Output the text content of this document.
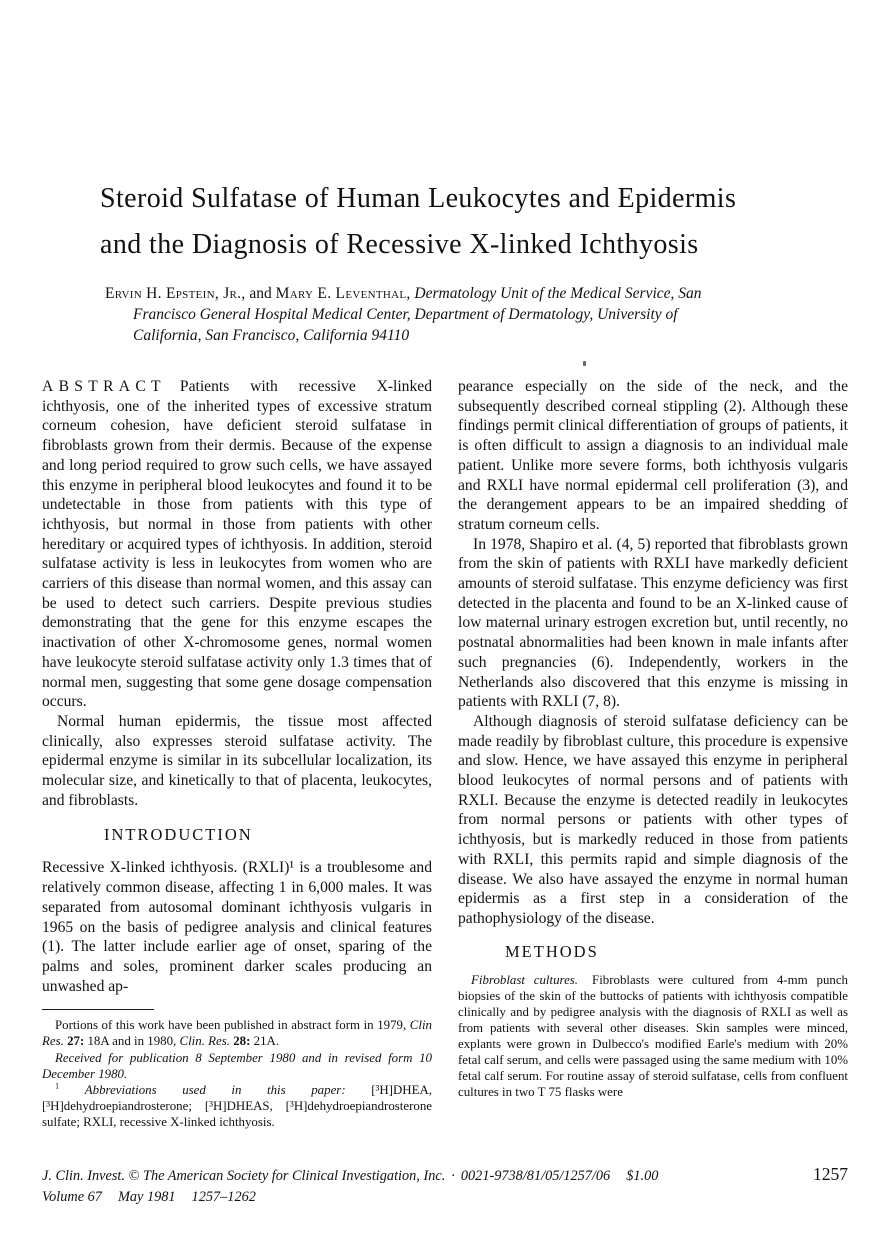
Steroid Sulfatase of Human Leukocytes and Epidermis
and the Diagnosis of Recessive X-linked Ichthyosis
Ervin H. Epstein, Jr., and Mary E. Leventhal, Dermatology Unit of the Medical Service, San Francisco General Hospital Medical Center, Department of Dermatology, University of California, San Francisco, California 94110

ABSTRACT Patients with recessive X-linked ichthyosis, one of the inherited types of excessive stratum corneum cohesion, have deficient steroid sulfatase in fibroblasts grown from their dermis. Because of the expense and long period required to grow such cells, we have assayed this enzyme in peripheral blood leukocytes and found it to be undetectable in those from patients with this type of ichthyosis, but normal in those from patients with other hereditary or acquired types of ichthyosis. In addition, steroid sulfatase activity is less in leukocytes from women who are carriers of this disease than normal women, and this assay can be used to detect such carriers. Despite previous studies demonstrating that the gene for this enzyme escapes the inactivation of other X-chromosome genes, normal women have leukocyte steroid sulfatase activity only 1.3 times that of normal men, suggesting that some gene dosage compensation occurs.

Normal human epidermis, the tissue most affected clinically, also expresses steroid sulfatase activity. The epidermal enzyme is similar in its subcellular localization, its molecular size, and kinetically to that of placenta, leukocytes, and fibroblasts.

INTRODUCTION

Recessive X-linked ichthyosis. (RXLI)¹ is a troublesome and relatively common disease, affecting 1 in 6,000 males. It was separated from autosomal dominant ichthyosis vulgaris in 1965 on the basis of pedigree analysis and clinical features (1). The latter include earlier age of onset, sparing of the palms and soles, prominent darker scales producing an unwashed ap-

Portions of this work have been published in abstract form in 1979, Clin Res. 27: 18A and in 1980, Clin. Res. 28: 21A.

Received for publication 8 September 1980 and in revised form 10 December 1980.

$^1$ Abbreviations used in this paper: [³H]DHEA, [³H]dehydroepiandrosterone; [³H]DHEAS, [³H]dehydroepiandrosterone sulfate; RXLI, recessive X-linked ichthyosis.

pearance especially on the side of the neck, and the subsequently described corneal stippling (2). Although these findings permit clinical differentiation of groups of patients, it is often difficult to assign a diagnosis to an individual male patient. Unlike more severe forms, both ichthyosis vulgaris and RXLI have normal epidermal cell proliferation (3), and the derangement appears to be an impaired shedding of stratum corneum cells.

In 1978, Shapiro et al. (4, 5) reported that fibroblasts grown from the skin of patients with RXLI have markedly deficient amounts of steroid sulfatase. This enzyme deficiency was first detected in the placenta and found to be an X-linked cause of low maternal urinary estrogen excretion but, until recently, no postnatal abnormalities had been known in male infants after such pregnancies (6). Independently, workers in the Netherlands also discovered that this enzyme is missing in patients with RXLI (7, 8).

Although diagnosis of steroid sulfatase deficiency can be made readily by fibroblast culture, this procedure is expensive and slow. Hence, we have assayed this enzyme in peripheral blood leukocytes of normal persons and of patients with RXLI. Because the enzyme is detected readily in leukocytes from normal persons or patients with other types of ichthyosis, but is markedly reduced in those from patients with RXLI, this permits rapid and simple diagnosis of the disease. We also have assayed the enzyme in normal human epidermis as a first step in a consideration of the pathophysiology of the disease.

METHODS

Fibroblast cultures. Fibroblasts were cultured from 4-mm punch biopsies of the skin of the buttocks of patients with ichthyosis compatible clinically and by pedigree analysis with the diagnosis of RXLI as well as from patients with several other diseases. Skin samples were minced, explants were grown in Dulbecco's modified Earle's medium with 20% fetal calf serum, and cells were passaged using the same medium with 10% fetal calf serum. For routine assay of steroid sulfatase, cells from confluent cultures in two T 75 flasks were

J. Clin. Invest. © The American Society for Clinical Investigation, Inc. · 0021-9738/81/05/1257/06 $1.00	1257
Volume 67 May 1981 1257–1262
